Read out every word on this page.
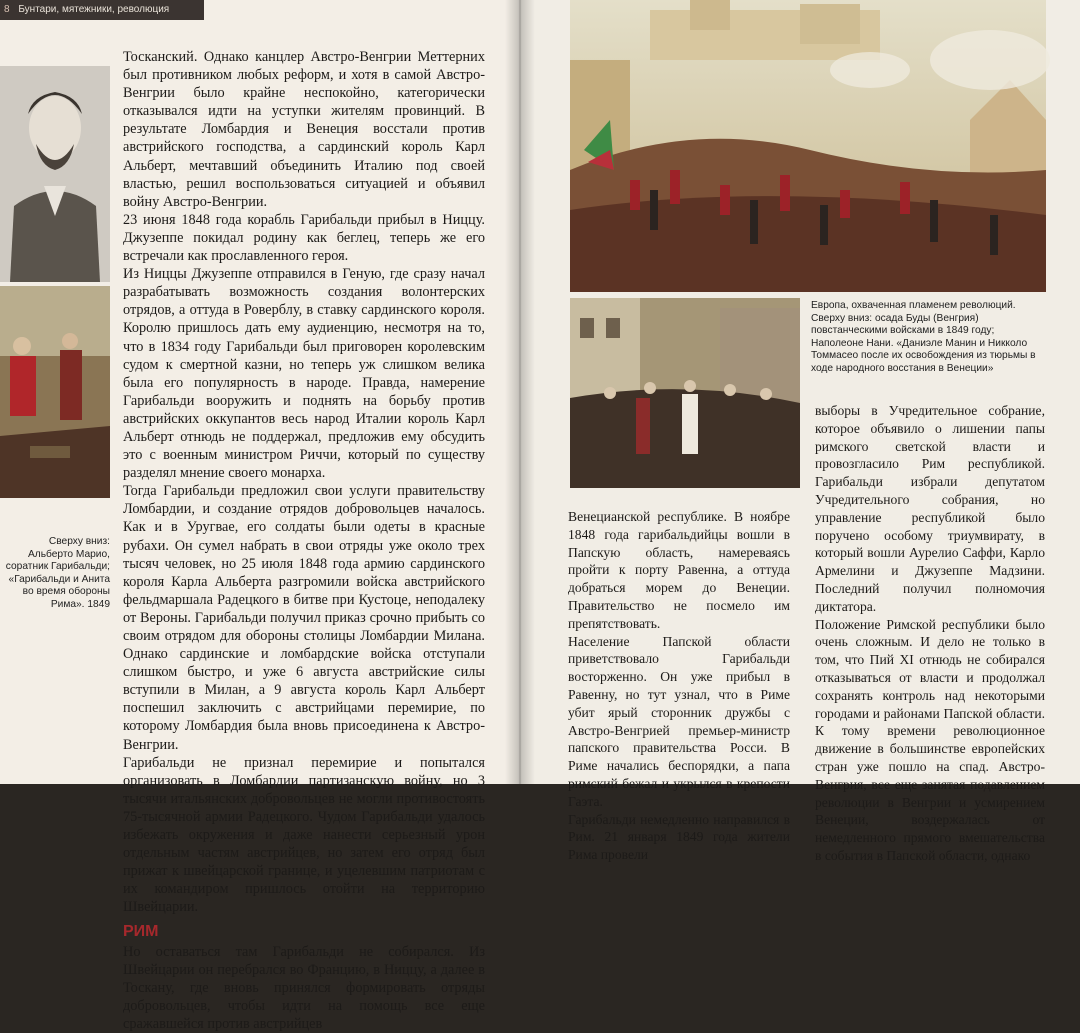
8 Бунтари, мятежники, революция
Сверху вниз: Альберто Марио, соратник Гарибальди; «Гарибальди и Анита во время обороны Рима». 1849

Тосканский. Однако канцлер Австро-Венгрии Меттерних был противником любых реформ, и хотя в самой Австро-Венгрии было крайне неспокойно, категорически отказывался идти на уступки жителям провинций. В результате Ломбардия и Венеция восстали против австрийского господства, а сардинский король Карл Альберт, мечтавший объединить Италию под своей властью, решил воспользоваться ситуацией и объявил войну Австро-Венгрии.

23 июня 1848 года корабль Гарибальди прибыл в Ниццу. Джузеппе покидал родину как беглец, теперь же его встречали как прославленного героя.

Из Ниццы Джузеппе отправился в Геную, где сразу начал разрабатывать возможность создания волонтерских отрядов, а оттуда в Роверблу, в ставку сардинского короля. Королю пришлось дать ему аудиенцию, несмотря на то, что в 1834 году Гарибальди был приговорен королевским судом к смертной казни, но теперь уж слишком велика была его популярность в народе. Правда, намерение Гарибальди вооружить и поднять на борьбу против австрийских оккупантов весь народ Италии король Карл Альберт отнюдь не поддержал, предложив ему обсудить это с военным министром Риччи, который по существу разделял мнение своего монарха.

Тогда Гарибальди предложил свои услуги правительству Ломбардии, и создание отрядов добровольцев началось. Как и в Уругвае, его солдаты были одеты в красные рубахи. Он сумел набрать в свои отряды уже около трех тысяч человек, но 25 июля 1848 года армию сардинского короля Карла Альберта разгромили войска австрийского фельдмаршала Радецкого в битве при Кустоце, неподалеку от Вероны. Гарибальди получил приказ срочно прибыть со своим отрядом для обороны столицы Ломбардии Милана. Однако сардинские и ломбардские войска отступали слишком быстро, и уже 6 августа австрийские силы вступили в Милан, а 9 августа король Карл Альберт поспешил заключить с австрийцами перемирие, по которому Ломбардия была вновь присоединена к Австро-Венгрии.

Гарибальди не признал перемирие и попытался организовать в Ломбардии партизанскую войну, но 3 тысячи итальянских добровольцев не могли противостоять 75-тысячной армии Радецкого. Чудом Гарибальди удалось избежать окружения и даже нанести серьезный урон отдельным частям австрийцев, но затем его отряд был прижат к швейцарской границе, и уцелевшим патриотам с их командиром пришлось отойти на территорию Швейцарии.

РИМ

Но оставаться там Гарибальди не собирался. Из Швейцарии он перебрался во Францию, в Ниццу, а далее в Тоскану, где вновь принялся формировать отряды добровольцев, чтобы идти на помощь все еще сражавшейся против австрийцев

Европа, охваченная пламенем революций. Сверху вниз: осада Буды (Венгрия) повстанческими войсками в 1849 году; Наполеоне Нани. «Даниэле Манин и Никколо Томмасео после их освобождения из тюрьмы в ходе народного восстания в Венеции»

Венецианской республике. В ноябре 1848 года гарибальдийцы вошли в Папскую область, намереваясь пройти к порту Равенна, а оттуда добраться морем до Венеции. Правительство не посмело им препятствовать.

Население Папской области приветствовало Гарибальди восторженно. Он уже прибыл в Равенну, но тут узнал, что в Риме убит ярый сторонник дружбы с Австро-Венгрией премьер-министр папского правительства Росси. В Риме начались беспорядки, а папа римский бежал и укрылся в крепости Гаэта.

Гарибальди немедленно направился в Рим. 21 января 1849 года жители Рима провели

выборы в Учредительное собрание, которое объявило о лишении папы римского светской власти и провозгласило Рим республикой. Гарибальди избрали депутатом Учредительного собрания, но управление республикой было поручено особому триумвирату, в который вошли Аурелио Саффи, Карло Армелини и Джузеппе Мадзини. Последний получил полномочия диктатора.

Положение Римской республики было очень сложным. И дело не только в том, что Пий XI отнюдь не собирался отказываться от власти и продолжал сохранять контроль над некоторыми городами и районами Папской области. К тому времени революционное движение в большинстве европейских стран уже пошло на спад. Австро-Венгрия, все еще занятая подавлением революции в Венгрии и усмирением Венеции, воздержалась от немедленного прямого вмешательства в события в Папской области, однако
